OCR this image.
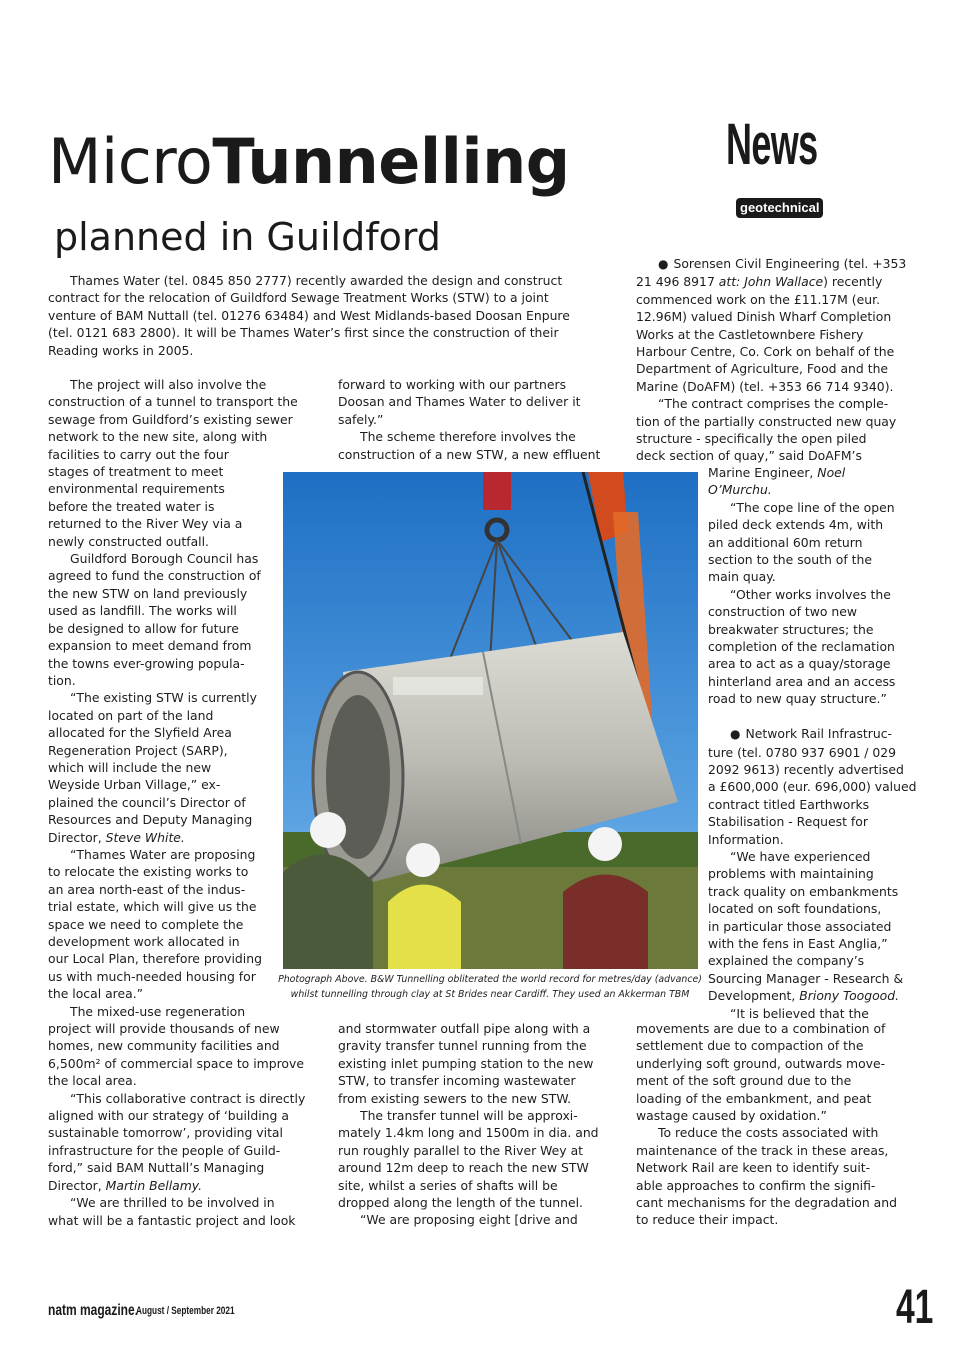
MicroTunnelling
planned in Guildford
News
geotechnical
Thames Water (tel. 0845 850 2777) recently awarded the design and construct
contract for the relocation of Guildford Sewage Treatment Works (STW) to a joint
venture of BAM Nuttall (tel. 01276 63484) and West Midlands-based Doosan Enpure
(tel. 0121 683 2800). It will be Thames Water’s first since the construction of their
Reading works in 2005.
The project will also involve the
construction of a tunnel to transport the
sewage from Guildford’s existing sewer
network to the new site, along with
facilities to carry out the four
stages of treatment to meet
environmental requirements
before the treated water is
returned to the River Wey via a
newly constructed outfall.
Guildford Borough Council has
agreed to fund the construction of
the new STW on land previously
used as landfill. The works will
be designed to allow for future
expansion to meet demand from
the towns ever-growing popula-
tion.
“The existing STW is currently
located on part of the land
allocated for the Slyfield Area
Regeneration Project (SARP),
which will include the new
Weyside Urban Village,” ex-
plained the council’s Director of
Resources and Deputy Managing
Director, Steve White.
“Thames Water are proposing
to relocate the existing works to
an area north-east of the indus-
trial estate, which will give us the
space we need to complete the
development work allocated in
our Local Plan, therefore providing
us with much-needed housing for
the local area.”
The mixed-use regeneration
project will provide thousands of new
homes, new community facilities and
6,500m² of commercial space to improve
the local area.
“This collaborative contract is directly
aligned with our strategy of ‘building a
sustainable tomorrow’, providing vital
infrastructure for the people of Guild-
ford,” said BAM Nuttall’s Managing
Director, Martin Bellamy.
“We are thrilled to be involved in
what will be a fantastic project and look
forward to working with our partners
Doosan and Thames Water to deliver it
safely.”
The scheme therefore involves the
construction of a new STW, a new effluent
Photograph Above. B&W Tunnelling obliterated the world record for metres/day (advance)
whilst tunnelling through clay at St Brides near Cardiff. They used an Akkerman TBM
and stormwater outfall pipe along with a
gravity transfer tunnel running from the
existing inlet pumping station to the new
STW, to transfer incoming wastewater
from existing sewers to the new STW.
The transfer tunnel will be approxi-
mately 1.4km long and 1500m in dia. and
run roughly parallel to the River Wey at
around 12m deep to reach the new STW
site, whilst a series of shafts will be
dropped along the length of the tunnel.
“We are proposing eight [drive and
● Sorensen Civil Engineering (tel. +353
21 496 8917 att: John Wallace) recently
commenced work on the £11.17M (eur.
12.96M) valued Dinish Wharf Completion
Works at the Castletownbere Fishery
Harbour Centre, Co. Cork on behalf of the
Department of Agriculture, Food and the
Marine (DoAFM) (tel. +353 66 714 9340).
“The contract comprises the comple-
tion of the partially constructed new quay
structure - specifically the open piled
deck section of quay,” said DoAFM’s
Marine Engineer, Noel
O’Murchu.
“The cope line of the open
piled deck extends 4m, with
an additional 60m return
section to the south of the
main quay.
“Other works involves the
construction of two new
breakwater structures; the
completion of the reclamation
area to act as a quay/storage
hinterland area and an access
road to new quay structure.”

● Network Rail Infrastruc-
ture (tel. 0780 937 6901 / 029
2092 9613) recently advertised
a £600,000 (eur. 696,000) valued
contract titled Earthworks
Stabilisation - Request for
Information.
“We have experienced
problems with maintaining
track quality on embankments
located on soft foundations,
in particular those associated
with the fens in East Anglia,”
explained the company’s
Sourcing Manager - Research &
Development, Briony Toogood.
“It is believed that the
movements are due to a combination of
settlement due to compaction of the
underlying soft ground, outwards move-
ment of the soft ground due to the
loading of the embankment, and peat
wastage caused by oxidation.”
To reduce the costs associated with
maintenance of the track in these areas,
Network Rail are keen to identify suit-
able approaches to confirm the signifi-
cant mechanisms for the degradation and
to reduce their impact.
natm magazine.
August / September 2021	41
